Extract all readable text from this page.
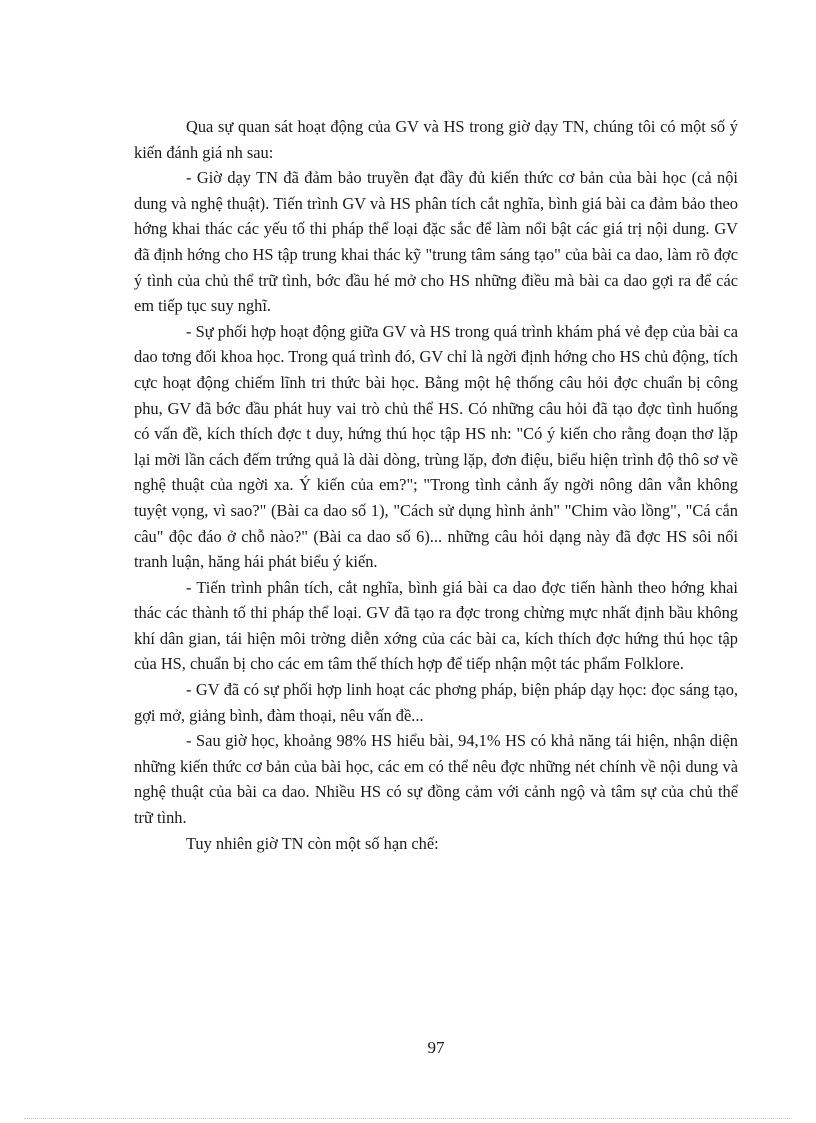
Qua sự quan sát hoạt động của GV và HS trong giờ dạy TN, chúng tôi có một số ý kiến đánh giá nh sau:

- Giờ dạy TN đã đảm bảo truyền đạt đầy đủ kiến thức cơ bản của bài học (cả nội dung và nghệ thuật). Tiến trình GV và HS phân tích cắt nghĩa, bình giá bài ca đảm bảo theo hớng khai thác các yếu tố thi pháp thể loại đặc sắc để làm nổi bật các giá trị nội dung. GV đã định hớng cho HS tập trung khai thác kỹ "trung tâm sáng tạo" của bài ca dao, làm rõ đợc ý tình của chủ thể trữ tình, bớc đầu hé mở cho HS những điều mà bài ca dao gợi ra để các em tiếp tục suy nghĩ.

- Sự phối hợp hoạt động giữa GV và HS trong quá trình khám phá vẻ đẹp của bài ca dao tơng đối khoa học. Trong quá trình đó, GV chỉ là ngời định hớng cho HS chủ động, tích cực hoạt động chiếm lĩnh tri thức bài học. Bằng một hệ thống câu hỏi đợc chuẩn bị công phu, GV đã bớc đầu phát huy vai trò chủ thể HS. Có những câu hỏi đã tạo đợc tình huống có vấn đề, kích thích đợc t duy, hứng thú học tập HS nh: "Có ý kiến cho rằng đoạn thơ lặp lại mời lần cách đếm trứng quả là dài dòng, trùng lặp, đơn điệu, biểu hiện trình độ thô sơ về nghệ thuật của ngời xa. Ý kiến của em?"; "Trong tình cảnh ấy ngời nông dân vẫn không tuyệt vọng, vì sao?" (Bài ca dao số 1), "Cách sử dụng hình ảnh" "Chim vào lồng", "Cá cắn câu" độc đáo ở chỗ nào?" (Bài ca dao số 6)... những câu hỏi dạng này đã đợc HS sôi nổi tranh luận, hăng hái phát biểu ý kiến.

- Tiến trình phân tích, cắt nghĩa, bình giá bài ca dao đợc tiến hành theo hớng khai thác các thành tố thi pháp thể loại. GV đã tạo ra đợc trong chừng mực nhất định bầu không khí dân gian, tái hiện môi trờng diễn xớng của các bài ca, kích thích đợc hứng thú học tập của HS, chuẩn bị cho các em tâm thế thích hợp để tiếp nhận một tác phẩm Folklore.

- GV đã có sự phối hợp linh hoạt các phơng pháp, biện pháp dạy học: đọc sáng tạo, gợi mở, giảng bình, đàm thoại, nêu vấn đề...

- Sau giờ học, khoảng 98% HS hiểu bài, 94,1% HS có khả năng tái hiện, nhận diện những kiến thức cơ bản của bài học, các em có thể nêu đợc những nét chính về nội dung và nghệ thuật của bài ca dao. Nhiều HS có sự đồng cảm với cảnh ngộ và tâm sự của chủ thể trữ tình.

Tuy nhiên giờ TN còn một số hạn chế:

97
